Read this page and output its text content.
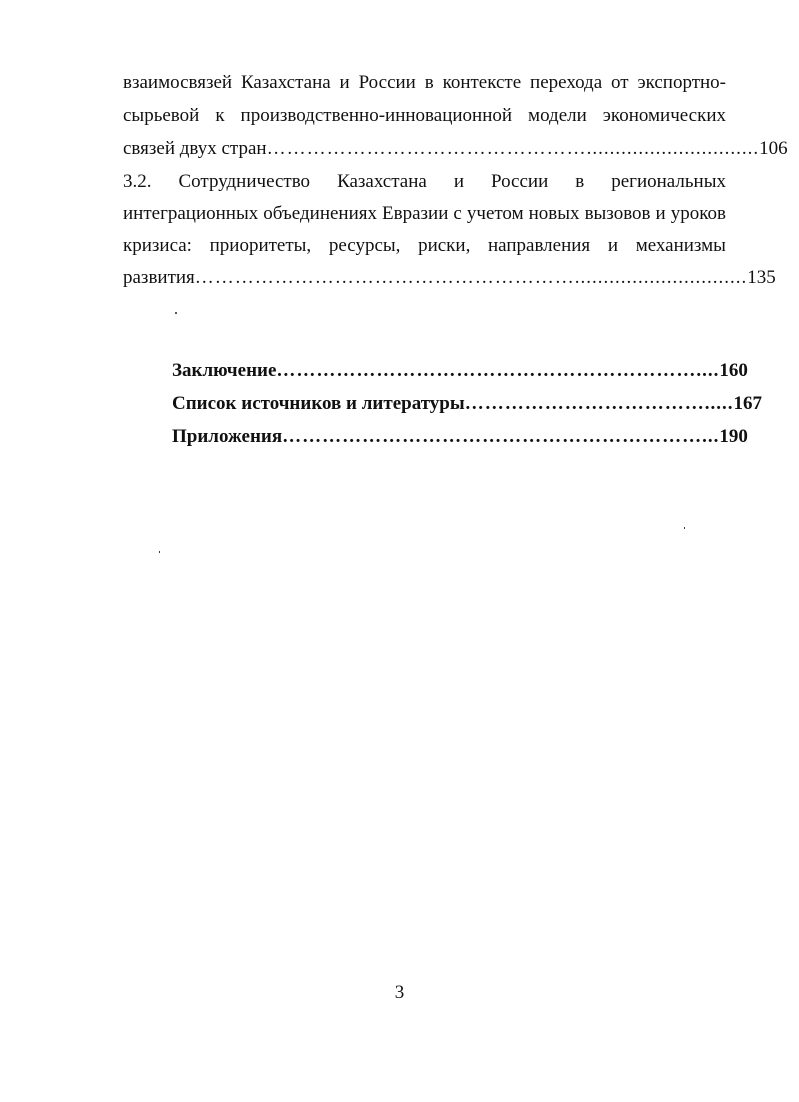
взаимосвязей Казахстана и России в контексте перехода от экспортно-
сырьевой к производственно-инновационной модели экономических
связей двух стран ………………………………………….............................. 106
3.2. Сотрудничество Казахстана и России в региональных
интеграционных объединениях Евразии с учетом новых вызовов и уроков
кризиса: приоритеты, ресурсы, риски, направления и механизмы
развития ………………………………………………….............................. 135
Заключение ……………………………………………………….... 160
Список источников и литературы ………………………………..... 167
Приложения ………………………………………………………... 190
3
